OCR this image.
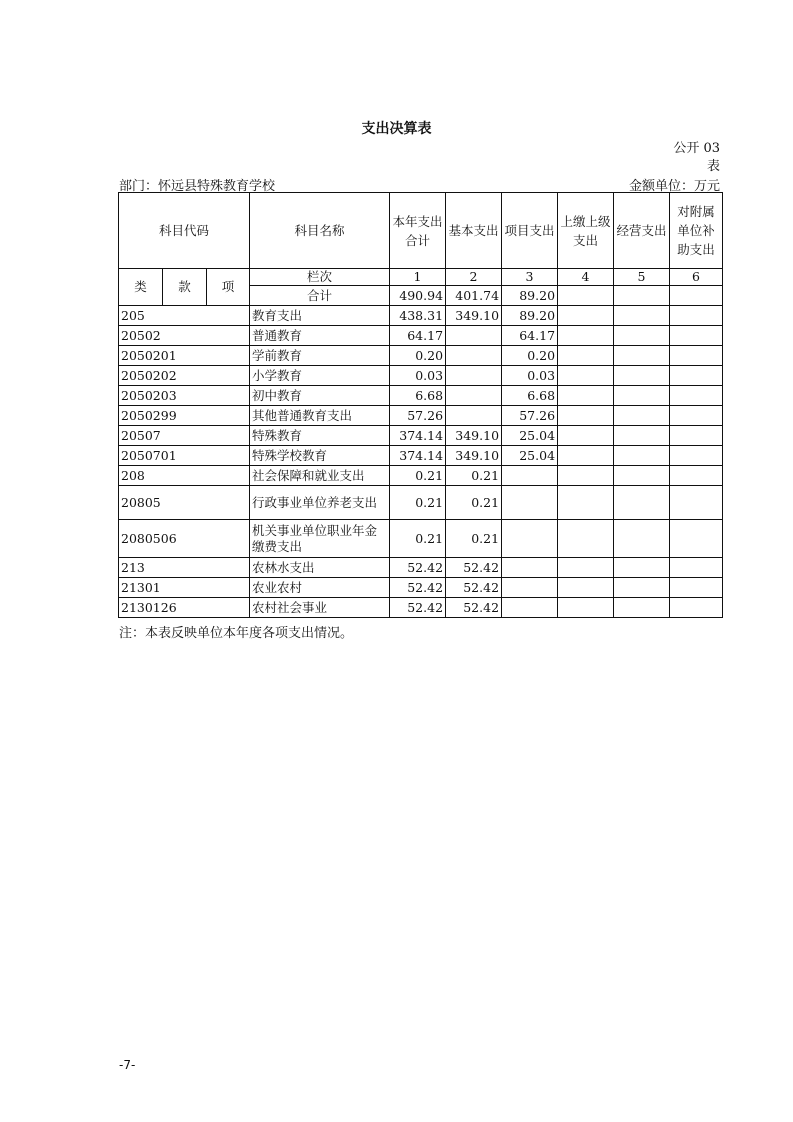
支出决算表
公开 03
表
部门：怀远县特殊教育学校	金额单位：万元
科目代码			科目名称	本年支出合计	基本支出	项目支出	上缴上级支出	经营支出	对附属单位补助支出
类	款	项	栏次	1	2	3	4	5	6
			合计	490.94	401.74	89.20			
205			教育支出	438.31	349.10	89.20			
20502			普通教育	64.17		64.17			
2050201			学前教育	0.20		0.20			
2050202			小学教育	0.03		0.03			
2050203			初中教育	6.68		6.68			
2050299			其他普通教育支出	57.26		57.26			
20507			特殊教育	374.14	349.10	25.04			
2050701			特殊学校教育	374.14	349.10	25.04			
208			社会保障和就业支出	0.21	0.21				
20805			行政事业单位养老支出	0.21	0.21				
2080506			机关事业单位职业年金缴费支出	0.21	0.21				
213			农林水支出	52.42	52.42				
21301			农业农村	52.42	52.42				
2130126			农村社会事业	52.42	52.42				
注：本表反映单位本年度各项支出情况。
-7-
